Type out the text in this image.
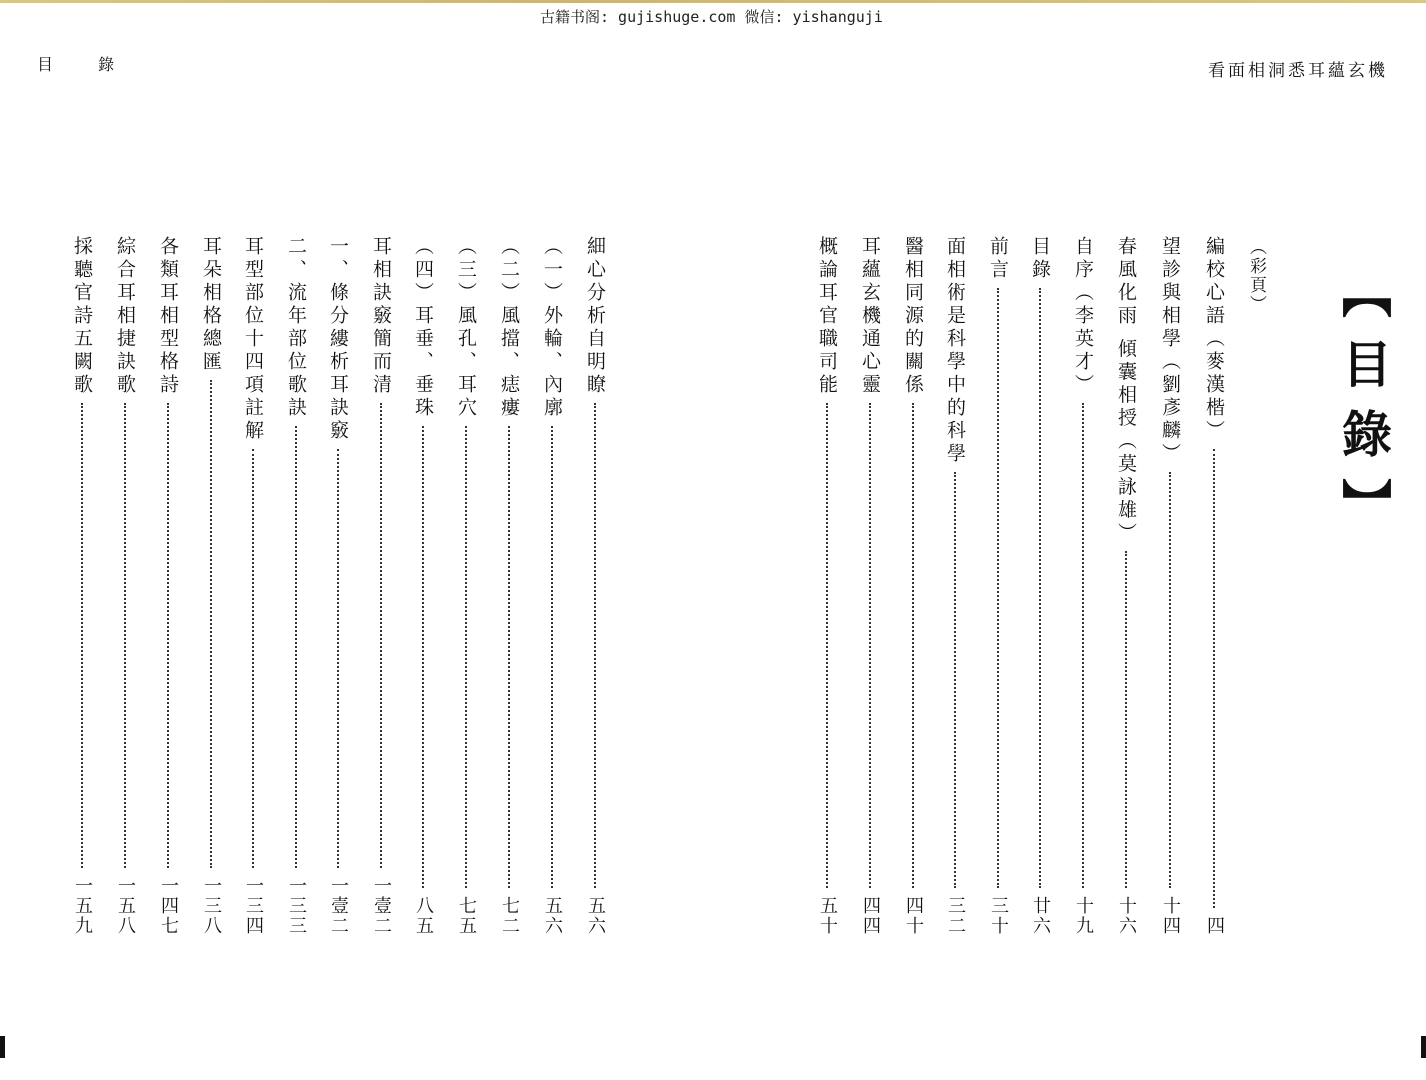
古籍书阁: gujishuge.com 微信: yishanguji
目 錄
細心分析自明瞭
五六
（一）外輪、內廓
五六
（二）風擋、痣瘻
七二
（三）風孔、耳穴
七五
（四）耳垂、垂珠
八五
耳相訣竅簡而清
一壹二
一、條分縷析耳訣竅
一壹二
二、流年部位歌訣
一三三
耳型部位十四項註解
一三四
耳朵相格總匯
一三八
各類耳相型格詩
一四七
綜合耳相捷訣歌
一五八
採聽官詩五闕歌
一五九
看面相洞悉耳蘊玄機
【目錄】
（彩頁）
編校心語（麥漢楷）
四
望診與相學（劉彥麟）
十四
春風化雨 傾囊相授（莫詠雄）
十六
自序（李英才）
十九
目錄
廿六
前言
三十
面相術是科學中的科學
三二
醫相同源的關係
四十
耳蘊玄機通心靈
四四
概論耳官職司能
五十
